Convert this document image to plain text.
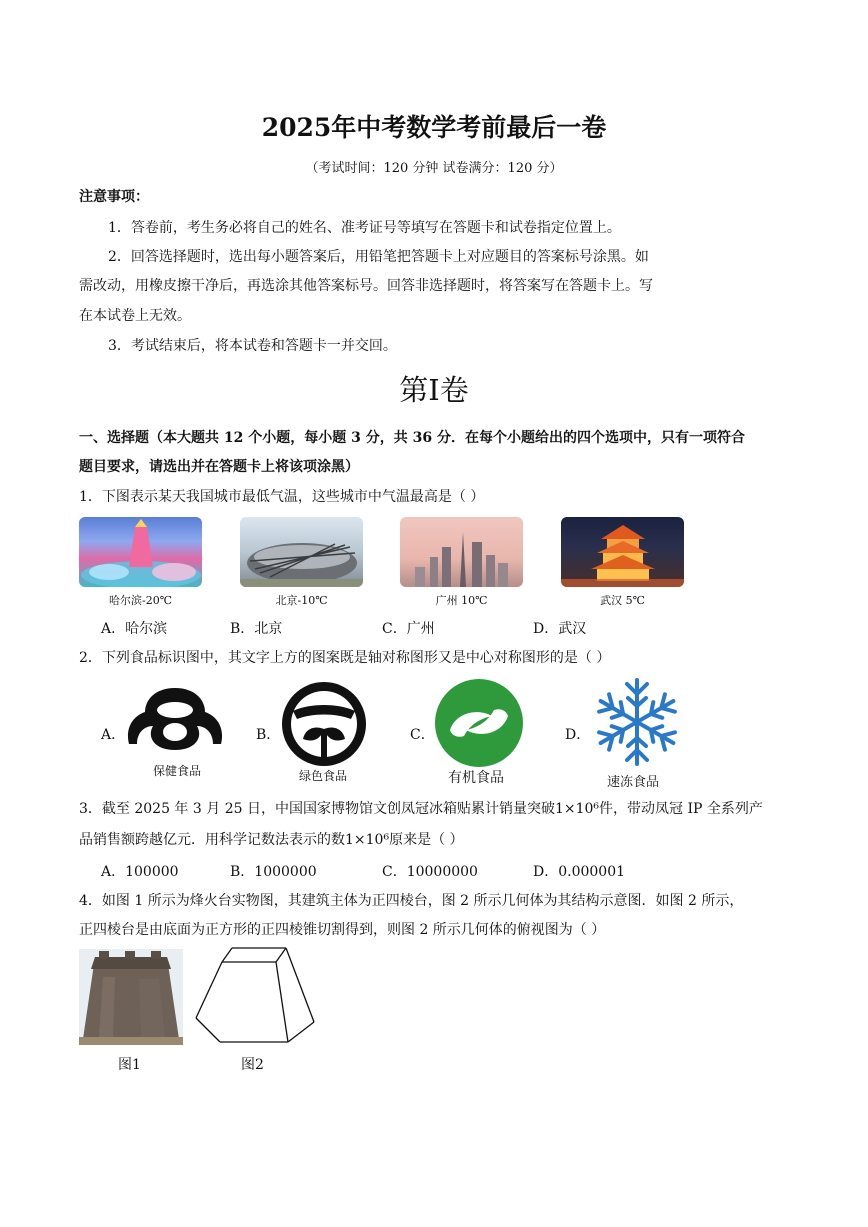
2025年中考数学考前最后一卷
（考试时间：120 分钟 试卷满分：120 分）
注意事项：
1．答卷前，考生务必将自己的姓名、准考证号等填写在答题卡和试卷指定位置上。
2．回答选择题时，选出每小题答案后，用铅笔把答题卡上对应题目的答案标号涂黑。如
需改动，用橡皮擦干净后，再选涂其他答案标号。回答非选择题时，将答案写在答题卡上。写
在本试卷上无效。
3．考试结束后，将本试卷和答题卡一并交回。
第I卷
一、选择题（本大题共 12 个小题，每小题 3 分，共 36 分．在每个小题给出的四个选项中，只有一项符合
题目要求，请选出并在答题卡上将该项涂黑）
1．下图表示某天我国城市最低气温，这些城市中气温最高是（ ）
哈尔滨-20℃	北京-10℃	广州 10℃	武汉 5℃
A．哈尔滨	B．北京	C．广州	D．武汉
2．下列食品标识图中，其文字上方的图案既是轴对称图形又是中心对称图形的是（ ）
A．
保健食品
B．
绿色食品
C．
有机食品
D．
速冻食品
3．截至 2025 年 3 月 25 日，中国国家博物馆文创凤冠冰箱贴累计销量突破1×10⁶件，带动凤冠 IP 全系列产
品销售额跨越亿元．用科学记数法表示的数1×10⁶原来是（ ）
A．100000	B．1000000	C．10000000	D．0.000001
4．如图 1 所示为烽火台实物图，其建筑主体为正四棱台，图 2 所示几何体为其结构示意图．如图 2 所示，
正四棱台是由底面为正方形的正四棱锥切割得到，则图 2 所示几何体的俯视图为（ ）
图1	图2
